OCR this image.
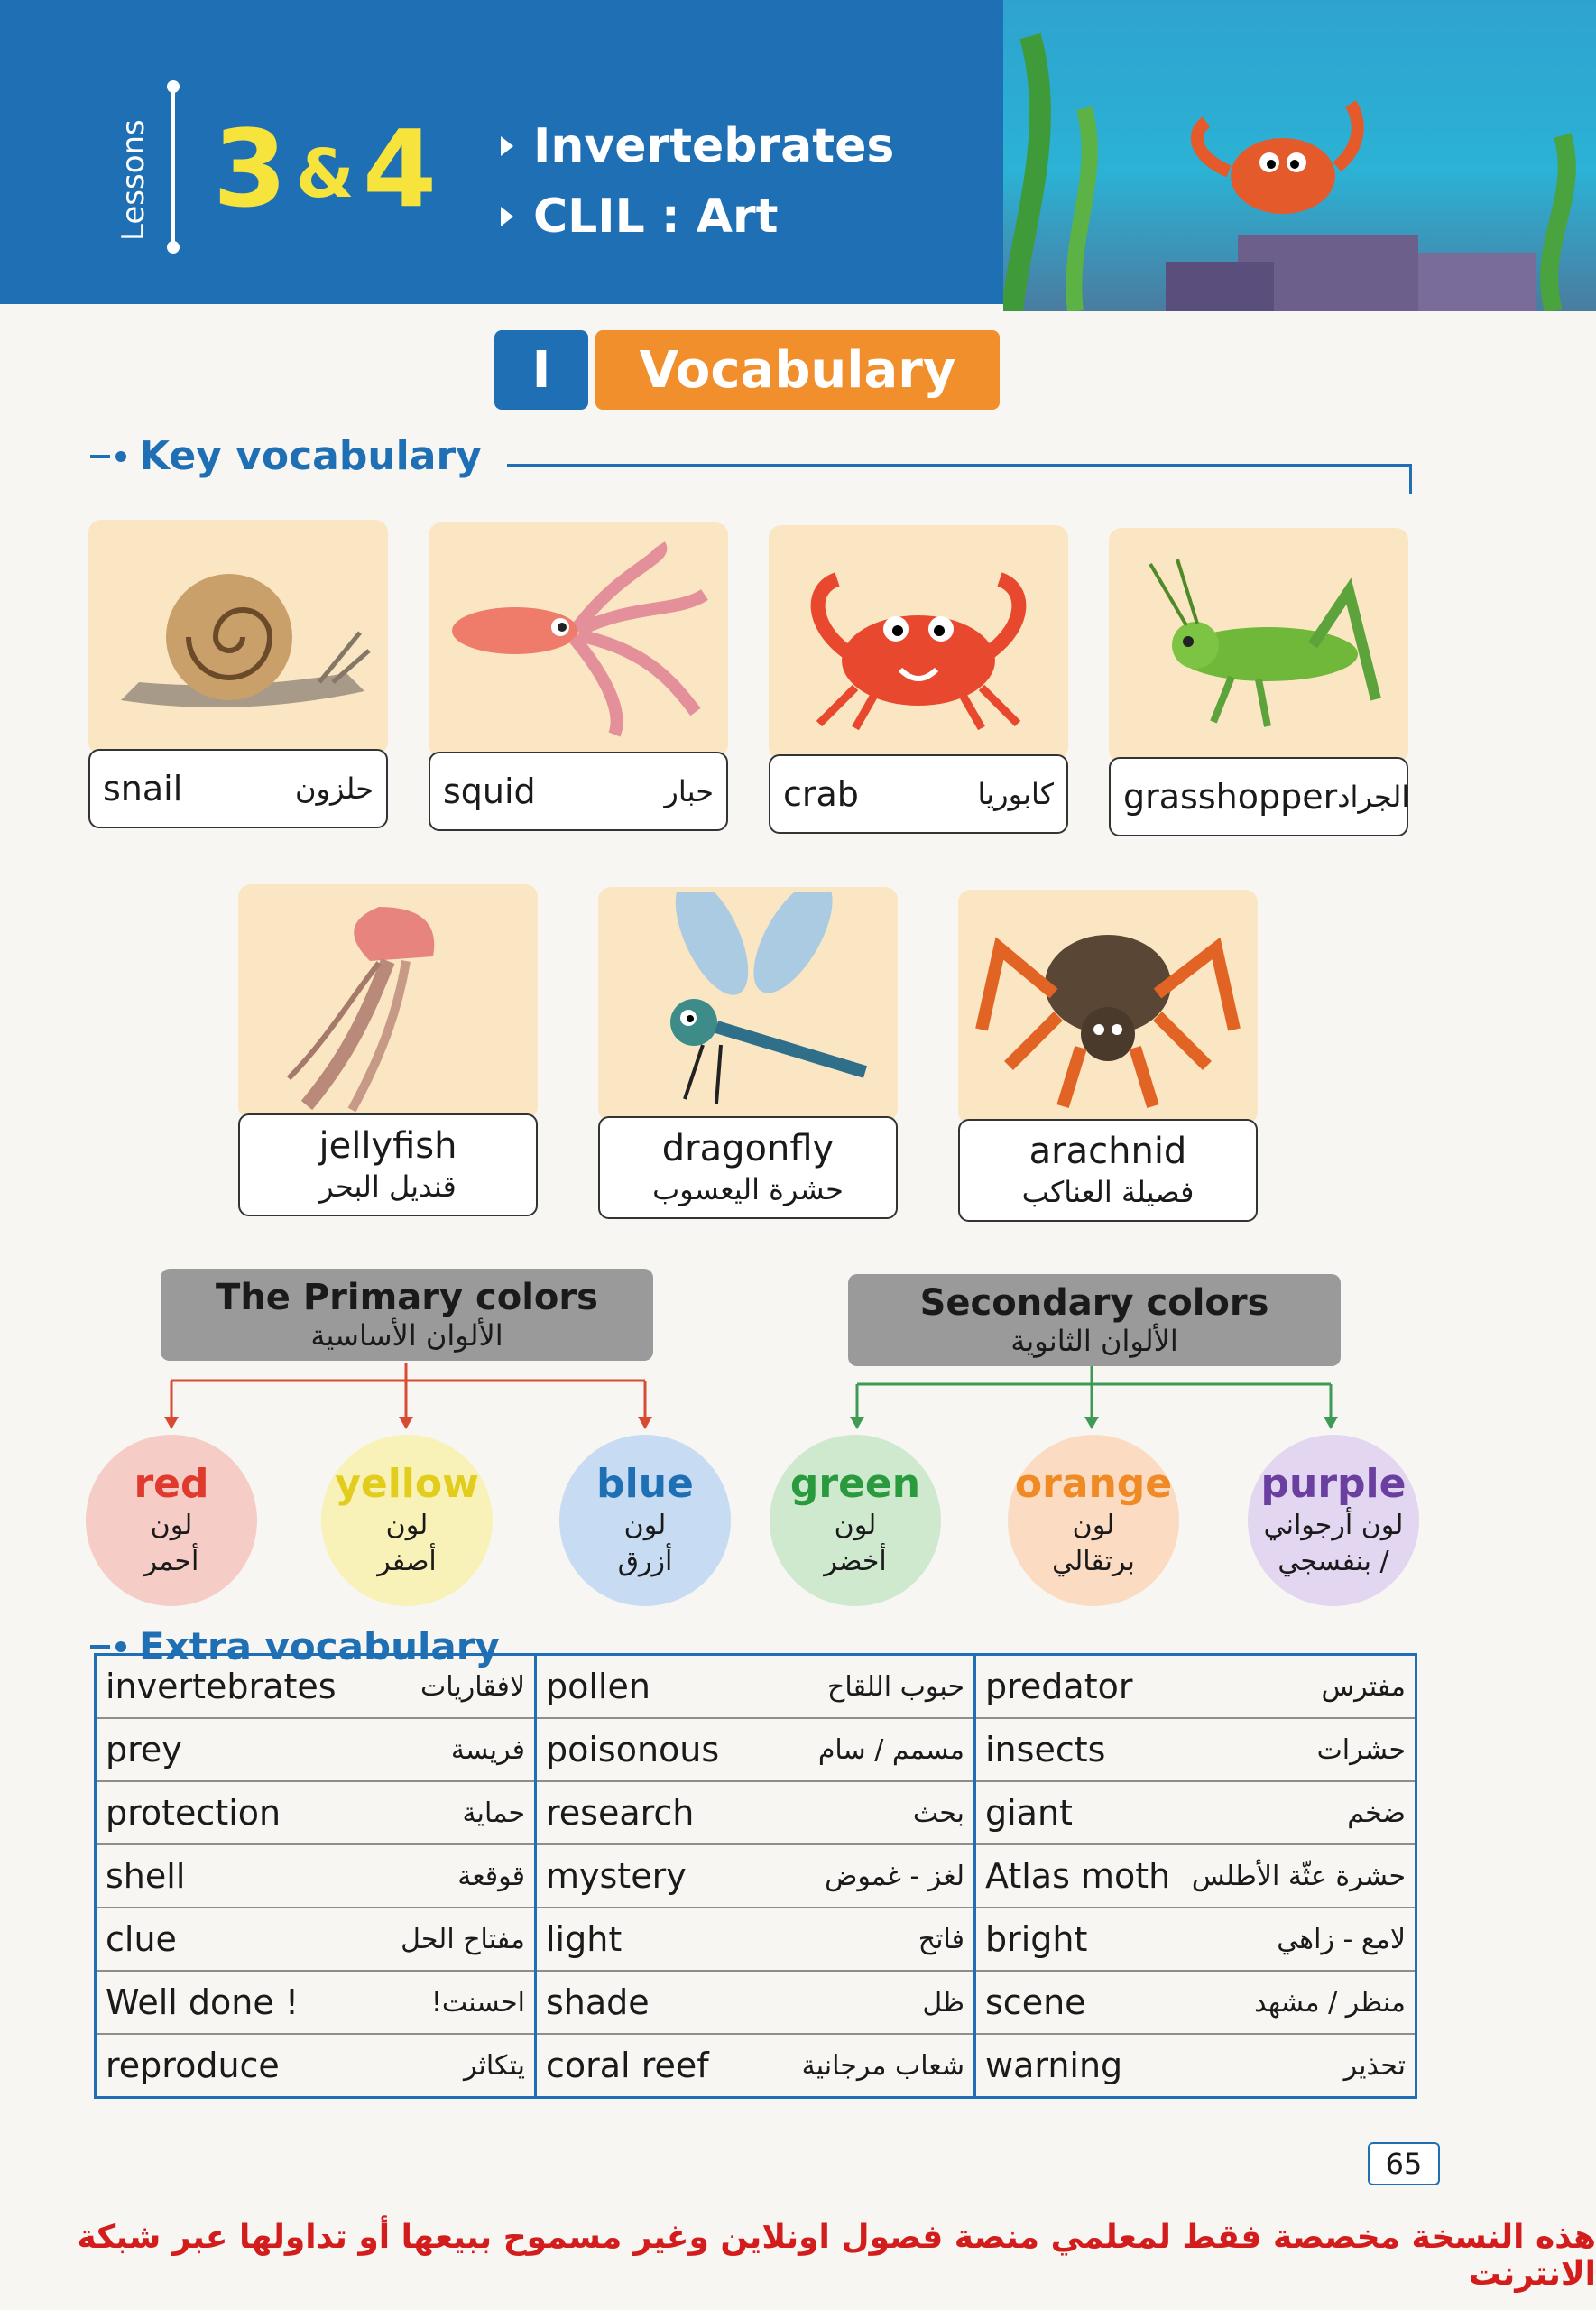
Lessons 3 & 4 Invertebrates
CLIL : Art
I	Vocabulary
Key vocabulary
snail	حلزون squid	حبار crab	كابوريا grasshopper الجراد
jellyfish
قنديل البحر
dragonfly
حشرة اليعسوب
arachnid
فصيلة العناكب
The Primary colors
الألوان الأساسية
Secondary colors
الألوان الثانوية
red
لون
أحمر
yellow
لون
أصفر
blue
لون
أزرق
green
لون
أخضر
orange
لون
برتقالي
purple
لون أرجواني
/ بنفسجي
Extra vocabulary
invertebrates لافقاريات	pollen حبوب اللقاح	predator مفترس

prey فريسة	poisonous مسمم / سام	insects حشرات

protection حماية	research بحث	giant ضخم

shell قوقعة	mystery لغز - غموض	Atlas moth حشرة عثّة الأطلس

clue مفتاح الحل	light فاتح	bright لامع - زاهي

Well done ! احسنت!	shade ظل	scene منظر / مشهد

reproduce يتكاثر	coral reef شعاب مرجانية	warning تحذير
65
هذه النسخة مخصصة فقط لمعلمي منصة فصول اونلاين وغير مسموح ببيعها أو تداولها عبر شبكة الانترنت
